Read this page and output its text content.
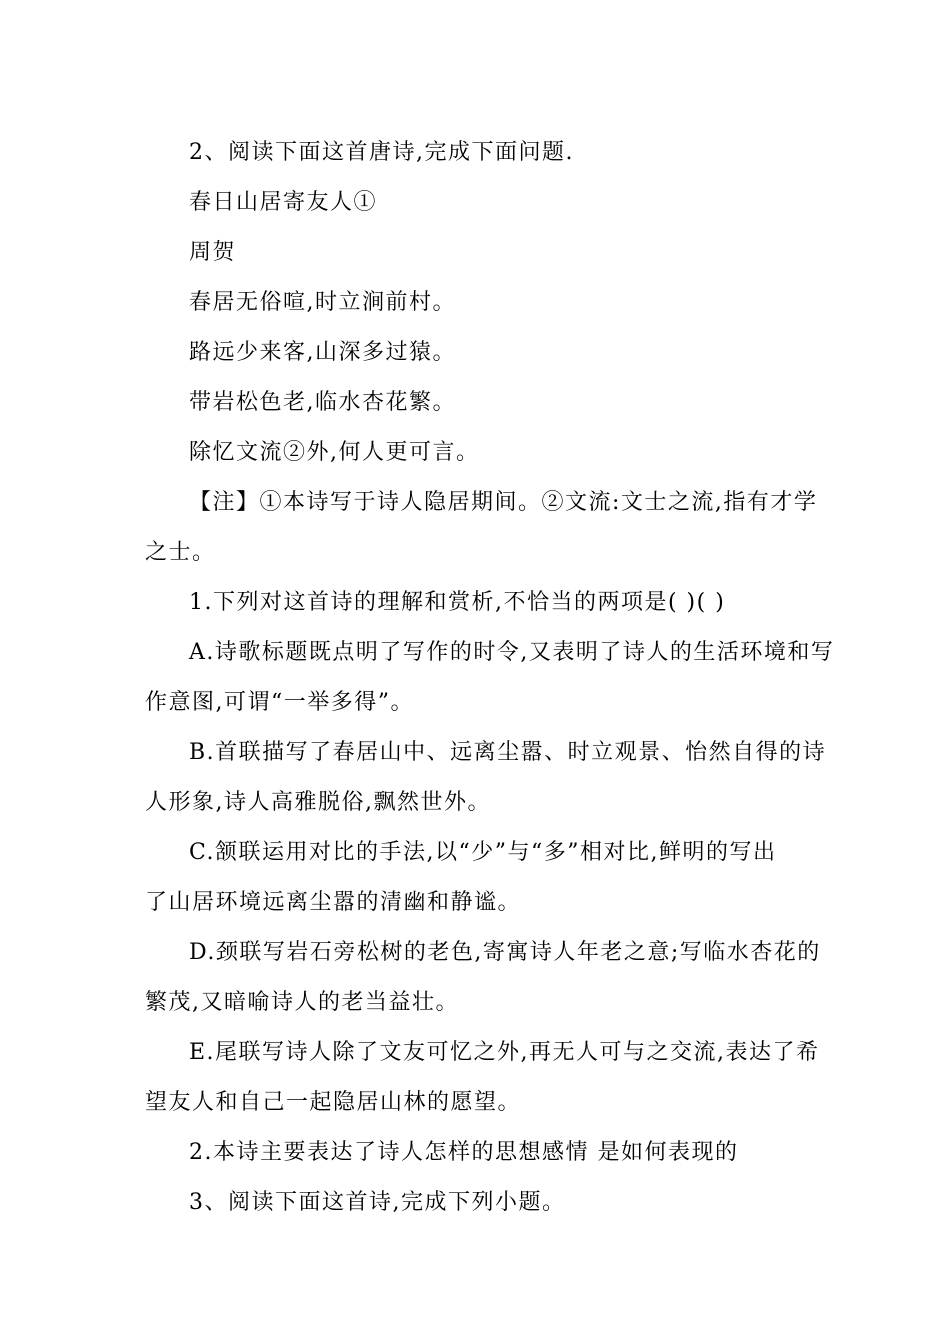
2、阅读下面这首唐诗,完成下面问题.
春日山居寄友人①
周贺
春居无俗喧,时立涧前村。
路远少来客,山深多过猿。
带岩松色老,临水杏花繁。
除忆文流②外,何人更可言。
【注】①本诗写于诗人隐居期间。②文流:文士之流,指有才学
之士。
1.下列对这首诗的理解和赏析,不恰当的两项是( )( )
A.诗歌标题既点明了写作的时令,又表明了诗人的生活环境和写
作意图,可谓“一举多得”。
B.首联描写了春居山中、远离尘嚣、时立观景、怡然自得的诗
人形象,诗人高雅脱俗,飘然世外。
C.颔联运用对比的手法,以“少”与“多”相对比,鲜明的写出
了山居环境远离尘嚣的清幽和静谧。
D.颈联写岩石旁松树的老色,寄寓诗人年老之意;写临水杏花的
繁茂,又暗喻诗人的老当益壮。
E.尾联写诗人除了文友可忆之外,再无人可与之交流,表达了希
望友人和自己一起隐居山林的愿望。
2.本诗主要表达了诗人怎样的思想感情 是如何表现的
3、阅读下面这首诗,完成下列小题。
